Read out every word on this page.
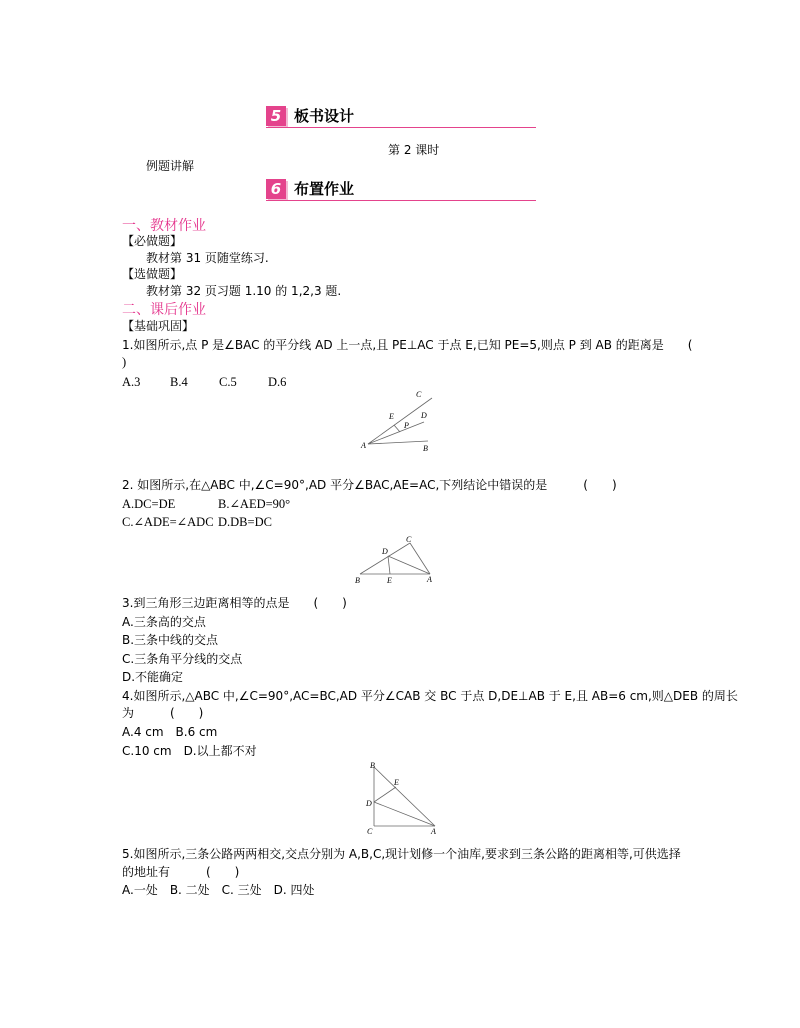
5 板书设计
第 2 课时
例题讲解
6 布置作业
一、教材作业
【必做题】
教材第 31 页随堂练习.
【选做题】
教材第 32 页习题 1.10 的 1,2,3 题.
二、课后作业
【基础巩固】
1.如图所示,点 P 是∠BAC 的平分线 AD 上一点,且 PE⊥AC 于点 E,已知 PE=5,则点 P 到 AB 的距离是　　(
)
A.3 B.4	C.5	D.6
C
E	D
P
A	B
2. 如图所示,在△ABC 中,∠C=90°,AD 平分∠BAC,AE=AC,下列结论中错误的是　　　(　　)
A.DC=DE	B.∠AED=90°
C.∠ADE=∠ADC D.DB=DC
C
D
B	E	A
3.到三角形三边距离相等的点是　　(　　)
A.三条高的交点
B.三条中线的交点
C.三条角平分线的交点
D.不能确定
4.如图所示,△ABC 中,∠C=90°,AC=BC,AD 平分∠CAB 交 BC 于点 D,DE⊥AB 于 E,且 AB=6 cm,则△DEB 的周长
为　　　(　　)
A.4 cm　B.6 cm
C.10 cm　D.以上都不对
B
E
D
C	A
5.如图所示,三条公路两两相交,交点分别为 A,B,C,现计划修一个油库,要求到三条公路的距离相等,可供选择
的地址有　　　(　　)
A.一处　B. 二处　C. 三处　D. 四处
